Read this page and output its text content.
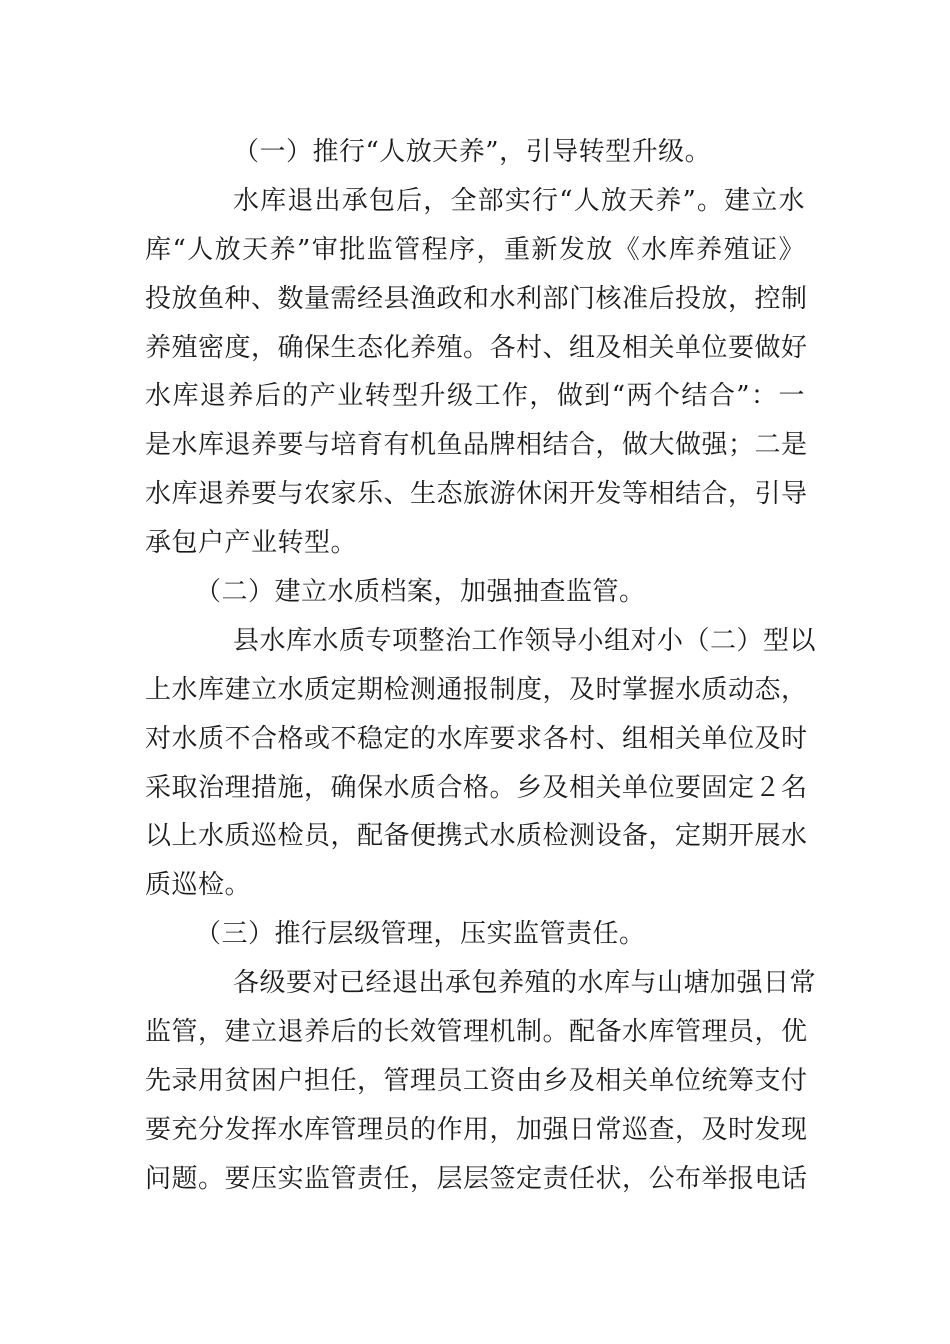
（一）推行“人放天养”，引导转型升级。
水库退出承包后，全部实行“人放天养”。建立水
库“人放天养”审批监管程序，重新发放《水库养殖证》
投放鱼种、数量需经县渔政和水利部门核准后投放，控制
养殖密度，确保生态化养殖。各村、组及相关单位要做好
水库退养后的产业转型升级工作，做到“两个结合”：一
是水库退养要与培育有机鱼品牌相结合，做大做强；二是
水库退养要与农家乐、生态旅游休闲开发等相结合，引导
承包户产业转型。
（二）建立水质档案，加强抽查监管。
县水库水质专项整治工作领导小组对小（二）型以
上水库建立水质定期检测通报制度，及时掌握水质动态，
对水质不合格或不稳定的水库要求各村、组相关单位及时
采取治理措施，确保水质合格。乡及相关单位要固定２名
以上水质巡检员，配备便携式水质检测设备，定期开展水
质巡检。
（三）推行层级管理，压实监管责任。
各级要对已经退出承包养殖的水库与山塘加强日常
监管，建立退养后的长效管理机制。配备水库管理员，优
先录用贫困户担任，管理员工资由乡及相关单位统筹支付
要充分发挥水库管理员的作用，加强日常巡查，及时发现
问题。要压实监管责任，层层签定责任状，公布举报电话
